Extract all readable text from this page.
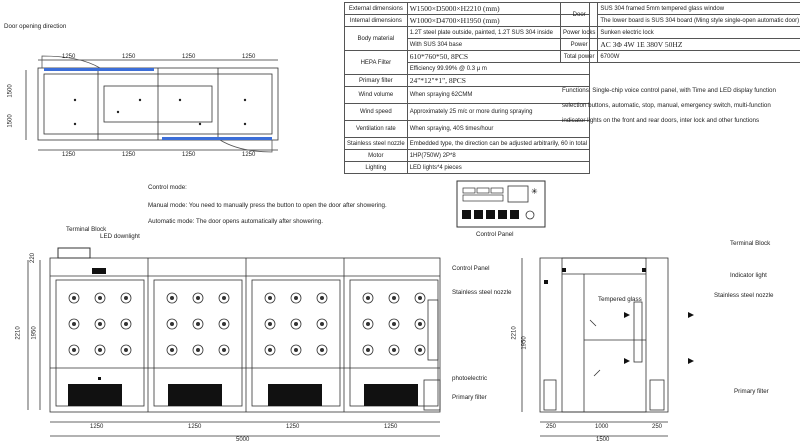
Door opening direction
1250	1250	1250	1250
1250	1250	1250	1250
1500
1500
External dimensions	W1500×D5000×H2210 (mm)
Internal dimensions	W1000×D4700×H1950 (mm)
Body material	1.2T steel plate outside, painted, 1.2T SUS 304 inside
	With SUS 304 base
HEPA Filter	610*760*50, 8PCS
	Efficiency 99.99% @ 0.3 μ m
Primary filter	24"*12"*1", 8PCS
Wind volume	When spraying 62CMM
Wind speed	Approximately 25 m/c or more during spraying
Ventilation rate	When spraying, 40S times/hour
Stainless steel nozzle	Embedded type, the direction can be adjusted arbitrarily, 60 in total
Motor	1HP(750W) 2P*8
Lighting	LED lights*4 pieces
Door	SUS 304 framed 5mm tempered glass window
	The lower board is SUS 304 board (Ming style single-open automatic door)
Power locks	Sunken electric lock
Power	AC 3Φ 4W 1E 380V 50HZ
Total power	6700W
Functions: Single-chip voice control panel, with Time and LED display function
selection buttons, automatic, stop, manual, emergency switch, multi-function
indicator lights on the front and rear doors, inter lock and other functions
Control mode:
Manual mode: You need to manually press the button to open the door after showering.
Automatic mode: The door opens automatically after showering.
✳
Control Panel
Terminal Block
LED downlight
Control Panel
Stainless steel nozzle
photoelectric
Primary filter
220
1950
2210
1250	1250	1250	1250
5000
Terminal Block
Indicator light
Tempered glass
Stainless steel nozzle
Primary filter
2210
1950
250	1000	250
1500
